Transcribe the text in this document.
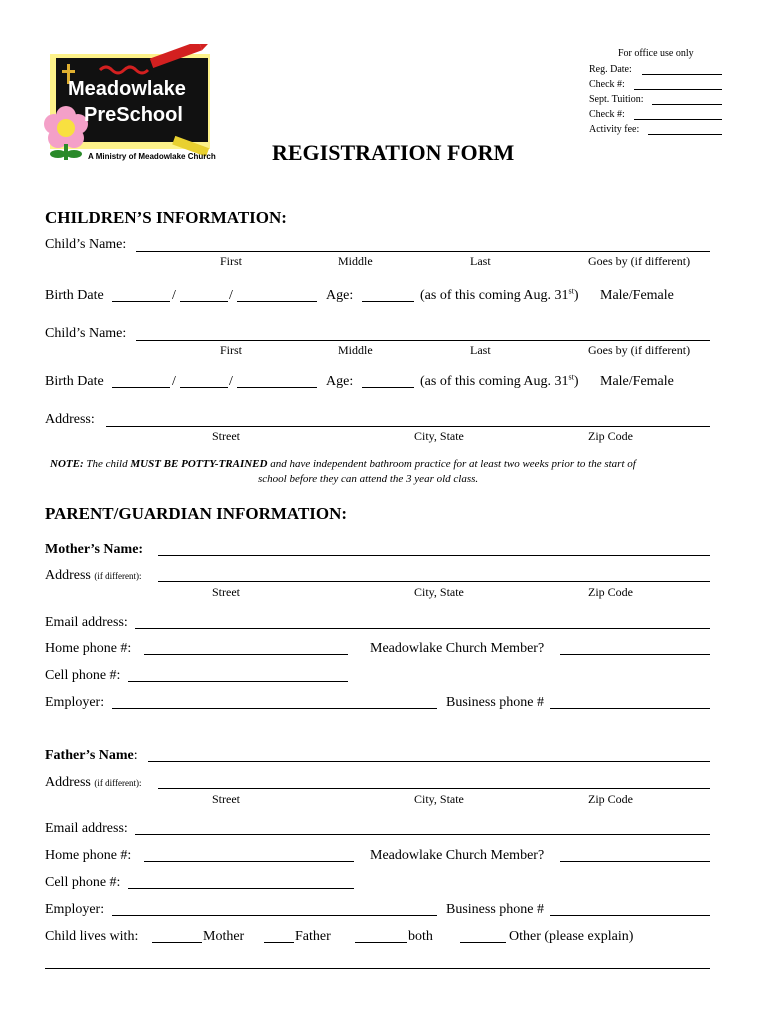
Meadowlake
PreSchool
A Ministry of Meadowlake Church
For office use only
Reg. Date:
Check #:
Sept. Tuition:
Check #:
Activity fee:
REGISTRATION FORM
CHILDREN’S INFORMATION:
Child’s Name:
First	Middle	Last	Goes by (if different)
Birth Date	/	/	Age:	(as of this coming Aug. 31st) Male/Female
Child’s Name:
First	Middle	Last	Goes by (if different)
Birth Date	/	/	Age:	(as of this coming Aug. 31st) Male/Female
Address:
Street	City, State	Zip Code
NOTE: The child MUST BE POTTY-TRAINED and have independent bathroom practice for at least two weeks prior to the start of
school before they can attend the 3 year old class.
PARENT/GUARDIAN INFORMATION:
Mother’s Name:
Address (if different):
Street	City, State	Zip Code
Email address:
Home phone #:	Meadowlake Church Member?
Cell phone #:
Employer:	Business phone #
Father’s Name:
Address (if different):
Street	City, State	Zip Code
Email address:
Home phone #:	Meadowlake Church Member?
Cell phone #:
Employer:	Business phone #
Child lives with:	Mother	Father	both	Other (please explain)
